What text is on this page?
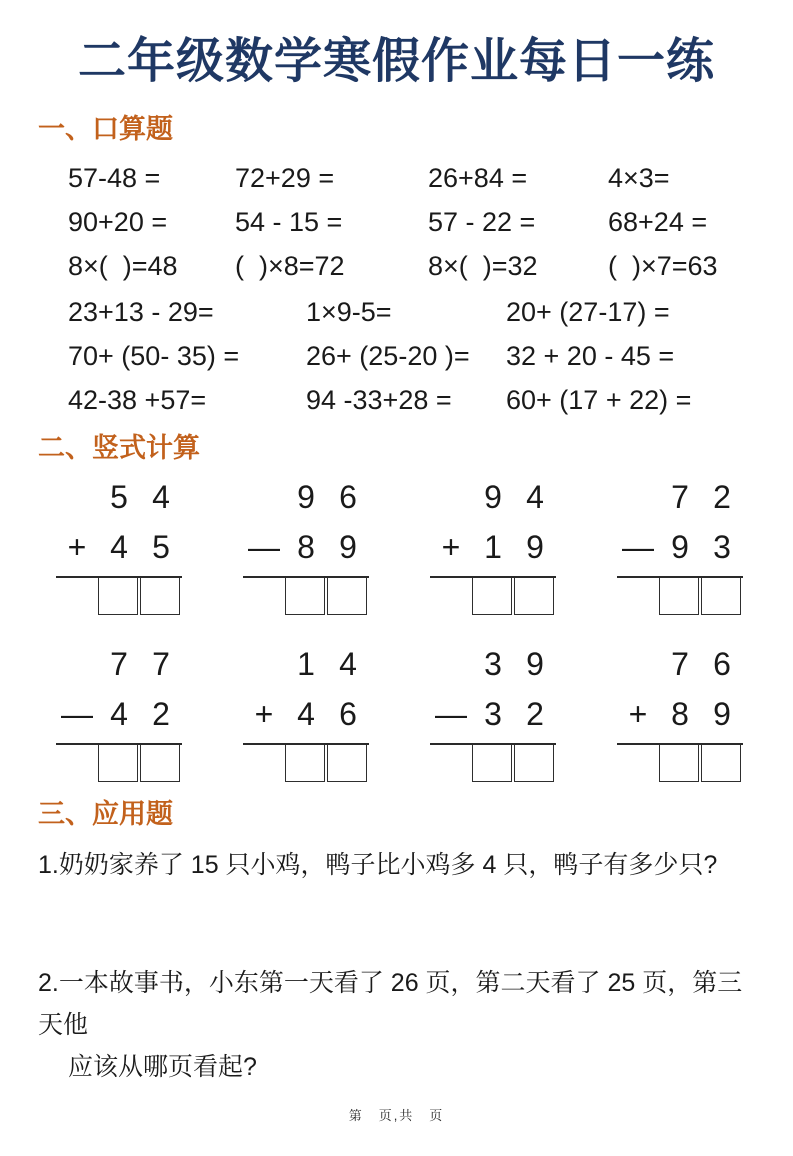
二年级数学寒假作业每日一练
一、口算题
57-48 =	72+29 =	26+84 =	4×3=
90+20 =	54 - 15 =	57 - 22 =	68+24 =
8×(  )=48	(  )×8=72	8×(  )=32	(  )×7=63
23+13 - 29=	1×9-5=	20+ (27-17) =
70+ (50- 35) =	26+ (25-20 )=	32 + 20 - 45 =
42-38 +57=	94 -33+28 =	60+ (17 + 22) =
二、竖式计算
5 4
+ 4 5
9 6
— 8 9
9 4
+ 1 9
7 2
— 9 3
7 7
— 4 2
1 4
+ 4 6
3 9
— 3 2
7 6
+ 8 9
三、应用题

1.奶奶家养了 15 只小鸡，鸭子比小鸡多 4 只，鸭子有多少只?

2.一本故事书，小东第一天看了 26 页，第二天看了 25 页，第三天他
应该从哪页看起?

第　页,共　页
